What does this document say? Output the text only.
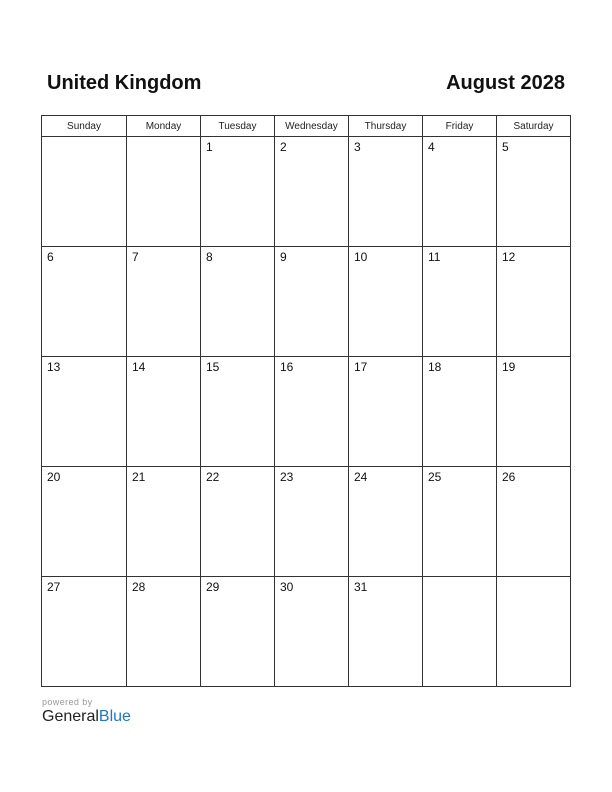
United Kingdom	August 2028
Sunday	Monday	Tuesday	Wednesday	Thursday	Friday	Saturday

		1	2	3	4	5

6	7	8	9	10	11	12

13	14	15	16	17	18	19

20	21	22	23	24	25	26

27	28	29	30	31		

powered by
GeneralBlue
